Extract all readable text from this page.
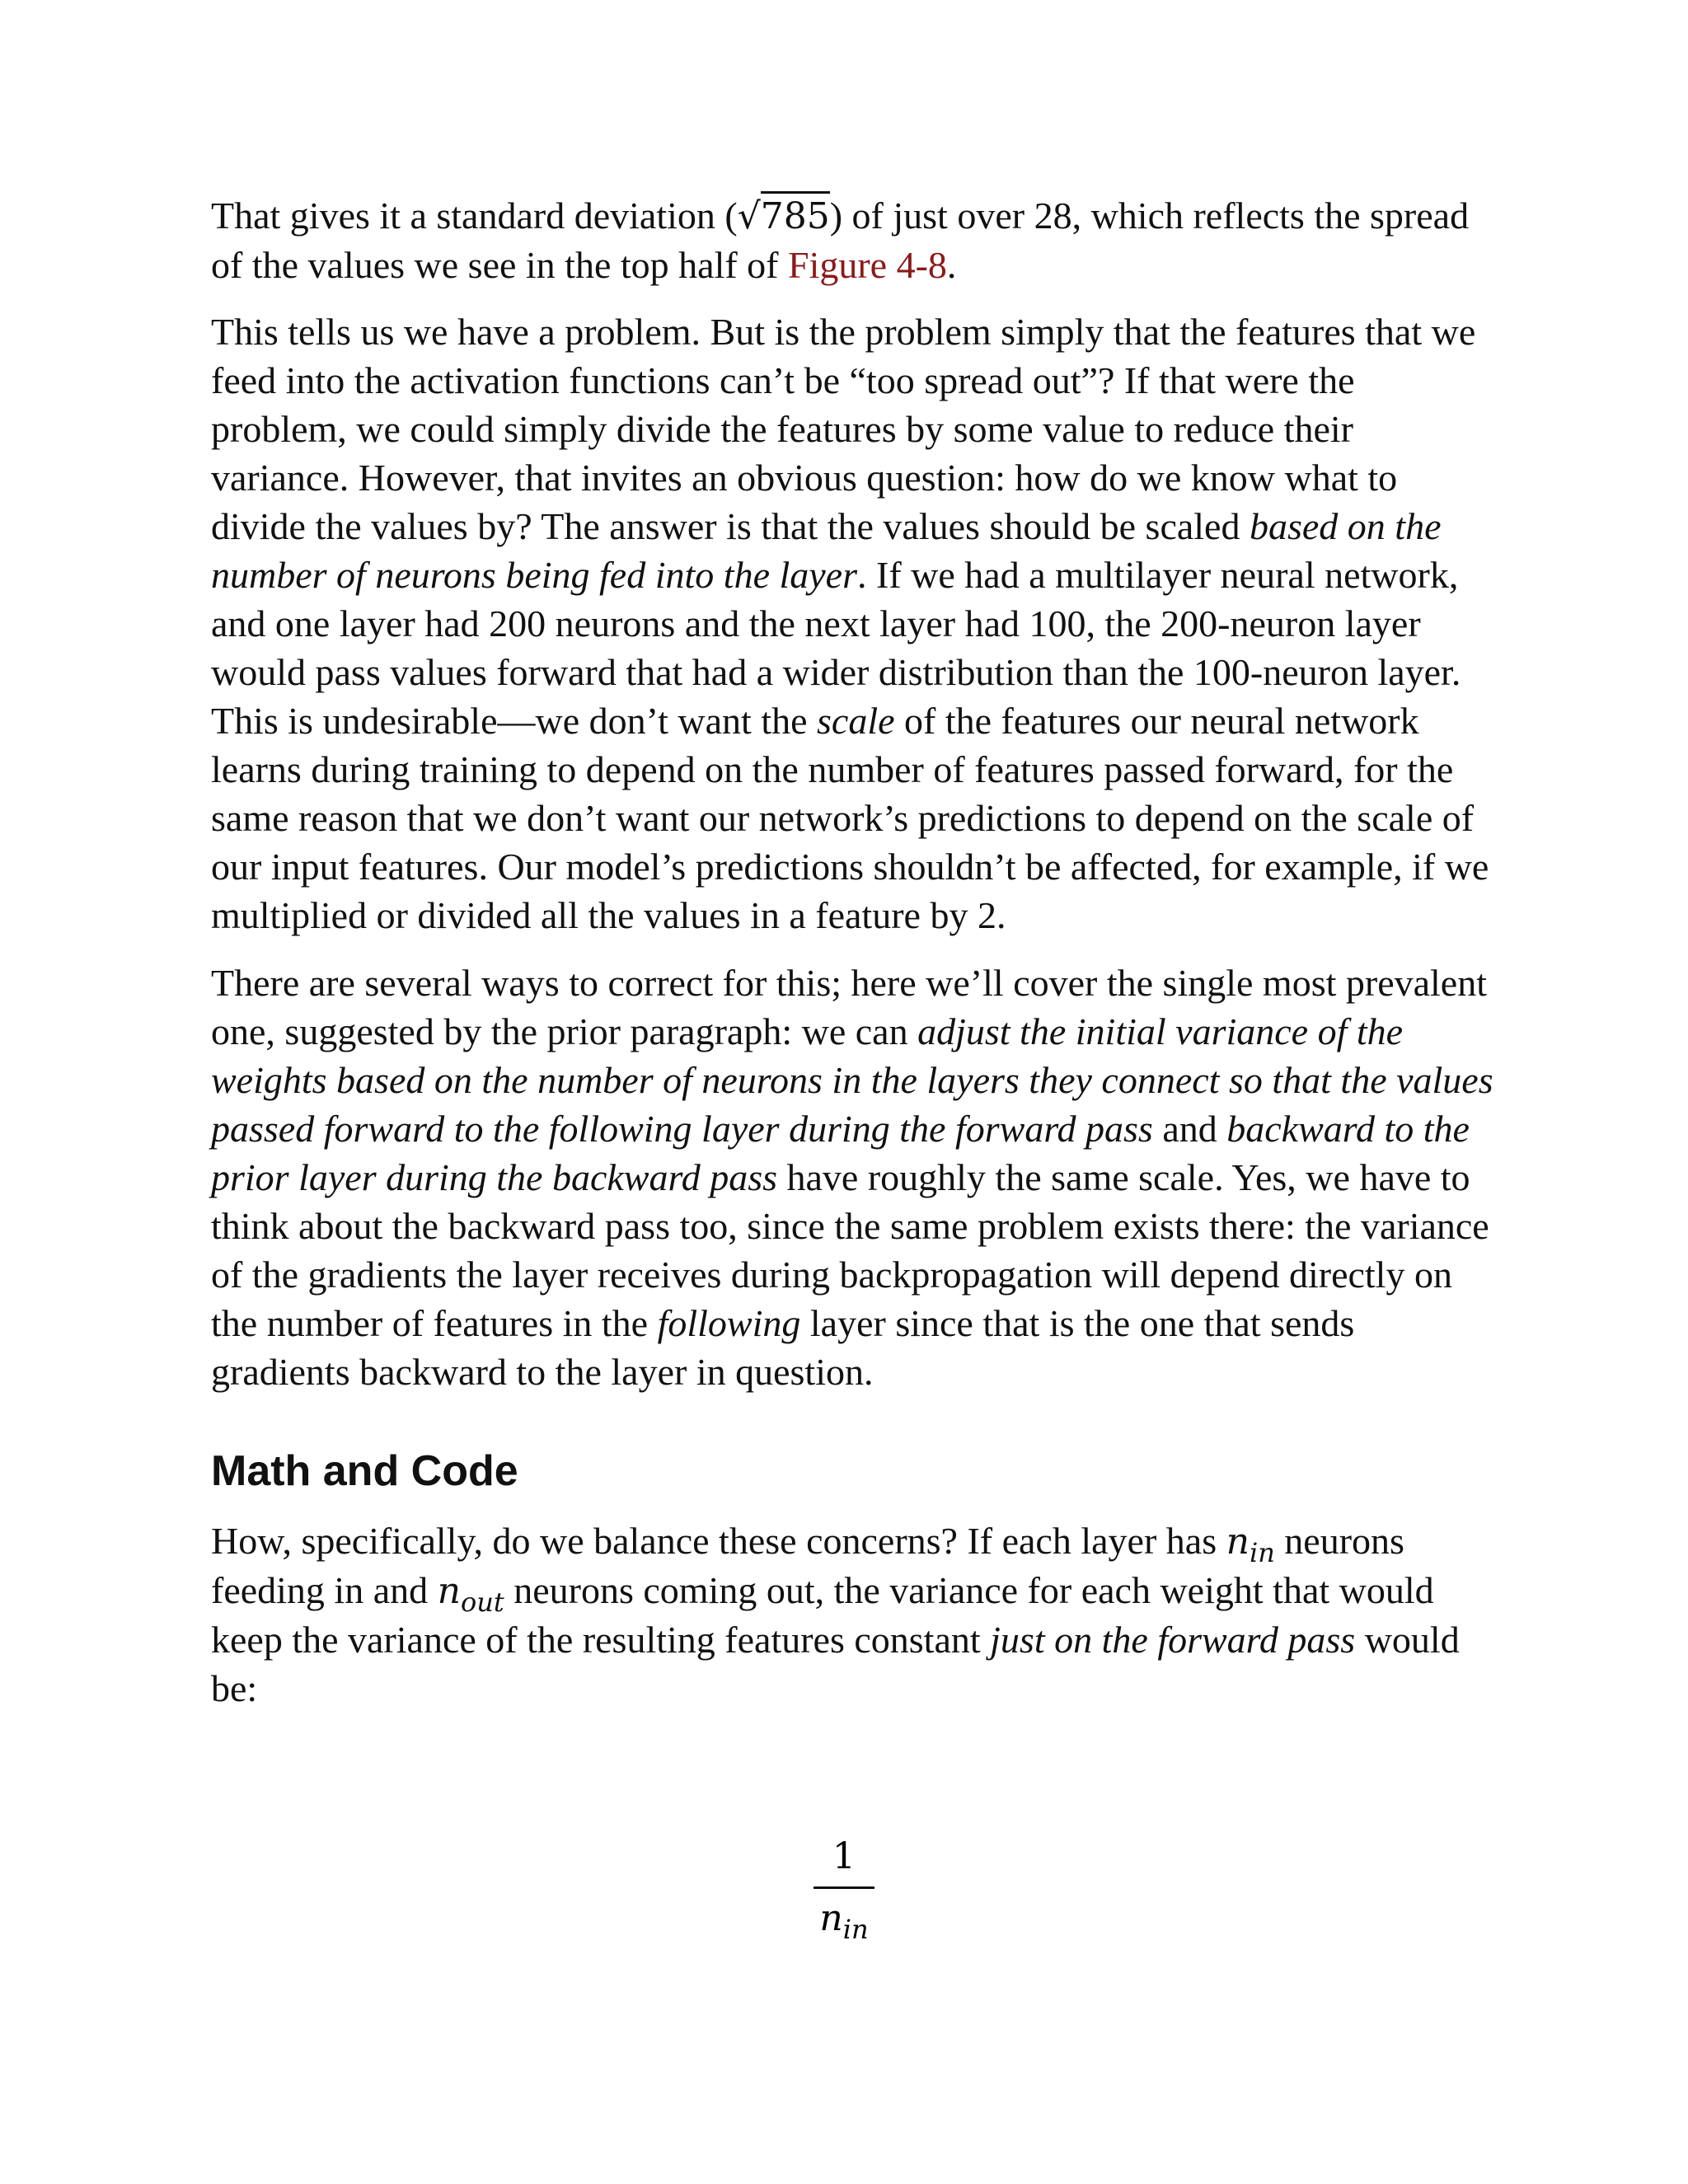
That gives it a standard deviation (√785) of just over 28, which reflects the spread of the values we see in the top half of Figure 4-8.

This tells us we have a problem. But is the problem simply that the features that we feed into the activation functions can’t be “too spread out”? If that were the problem, we could simply divide the features by some value to reduce their variance. However, that invites an obvious question: how do we know what to divide the values by? The answer is that the values should be scaled based on the number of neurons being fed into the layer. If we had a multilayer neural network, and one layer had 200 neurons and the next layer had 100, the 200-neuron layer would pass values forward that had a wider distribution than the 100-neuron layer. This is undesirable—we don’t want the scale of the features our neural network learns during training to depend on the number of features passed forward, for the same reason that we don’t want our network’s predictions to depend on the scale of our input features. Our model’s predictions shouldn’t be affected, for example, if we multiplied or divided all the values in a feature by 2.

There are several ways to correct for this; here we’ll cover the single most prevalent one, suggested by the prior paragraph: we can adjust the initial variance of the weights based on the number of neurons in the layers they connect so that the values passed forward to the following layer during the forward pass and backward to the prior layer during the backward pass have roughly the same scale. Yes, we have to think about the backward pass too, since the same problem exists there: the variance of the gradients the layer receives during backpropagation will depend directly on the number of features in the following layer since that is the one that sends gradients backward to the layer in question.

Math and Code

How, specifically, do we balance these concerns? If each layer has $n_{in}$ neurons feeding in and $n_{out}$ neurons coming out, the variance for each weight that would keep the variance of the resulting features constant just on the forward pass would be:

$\frac{1}{n_{in}}$
